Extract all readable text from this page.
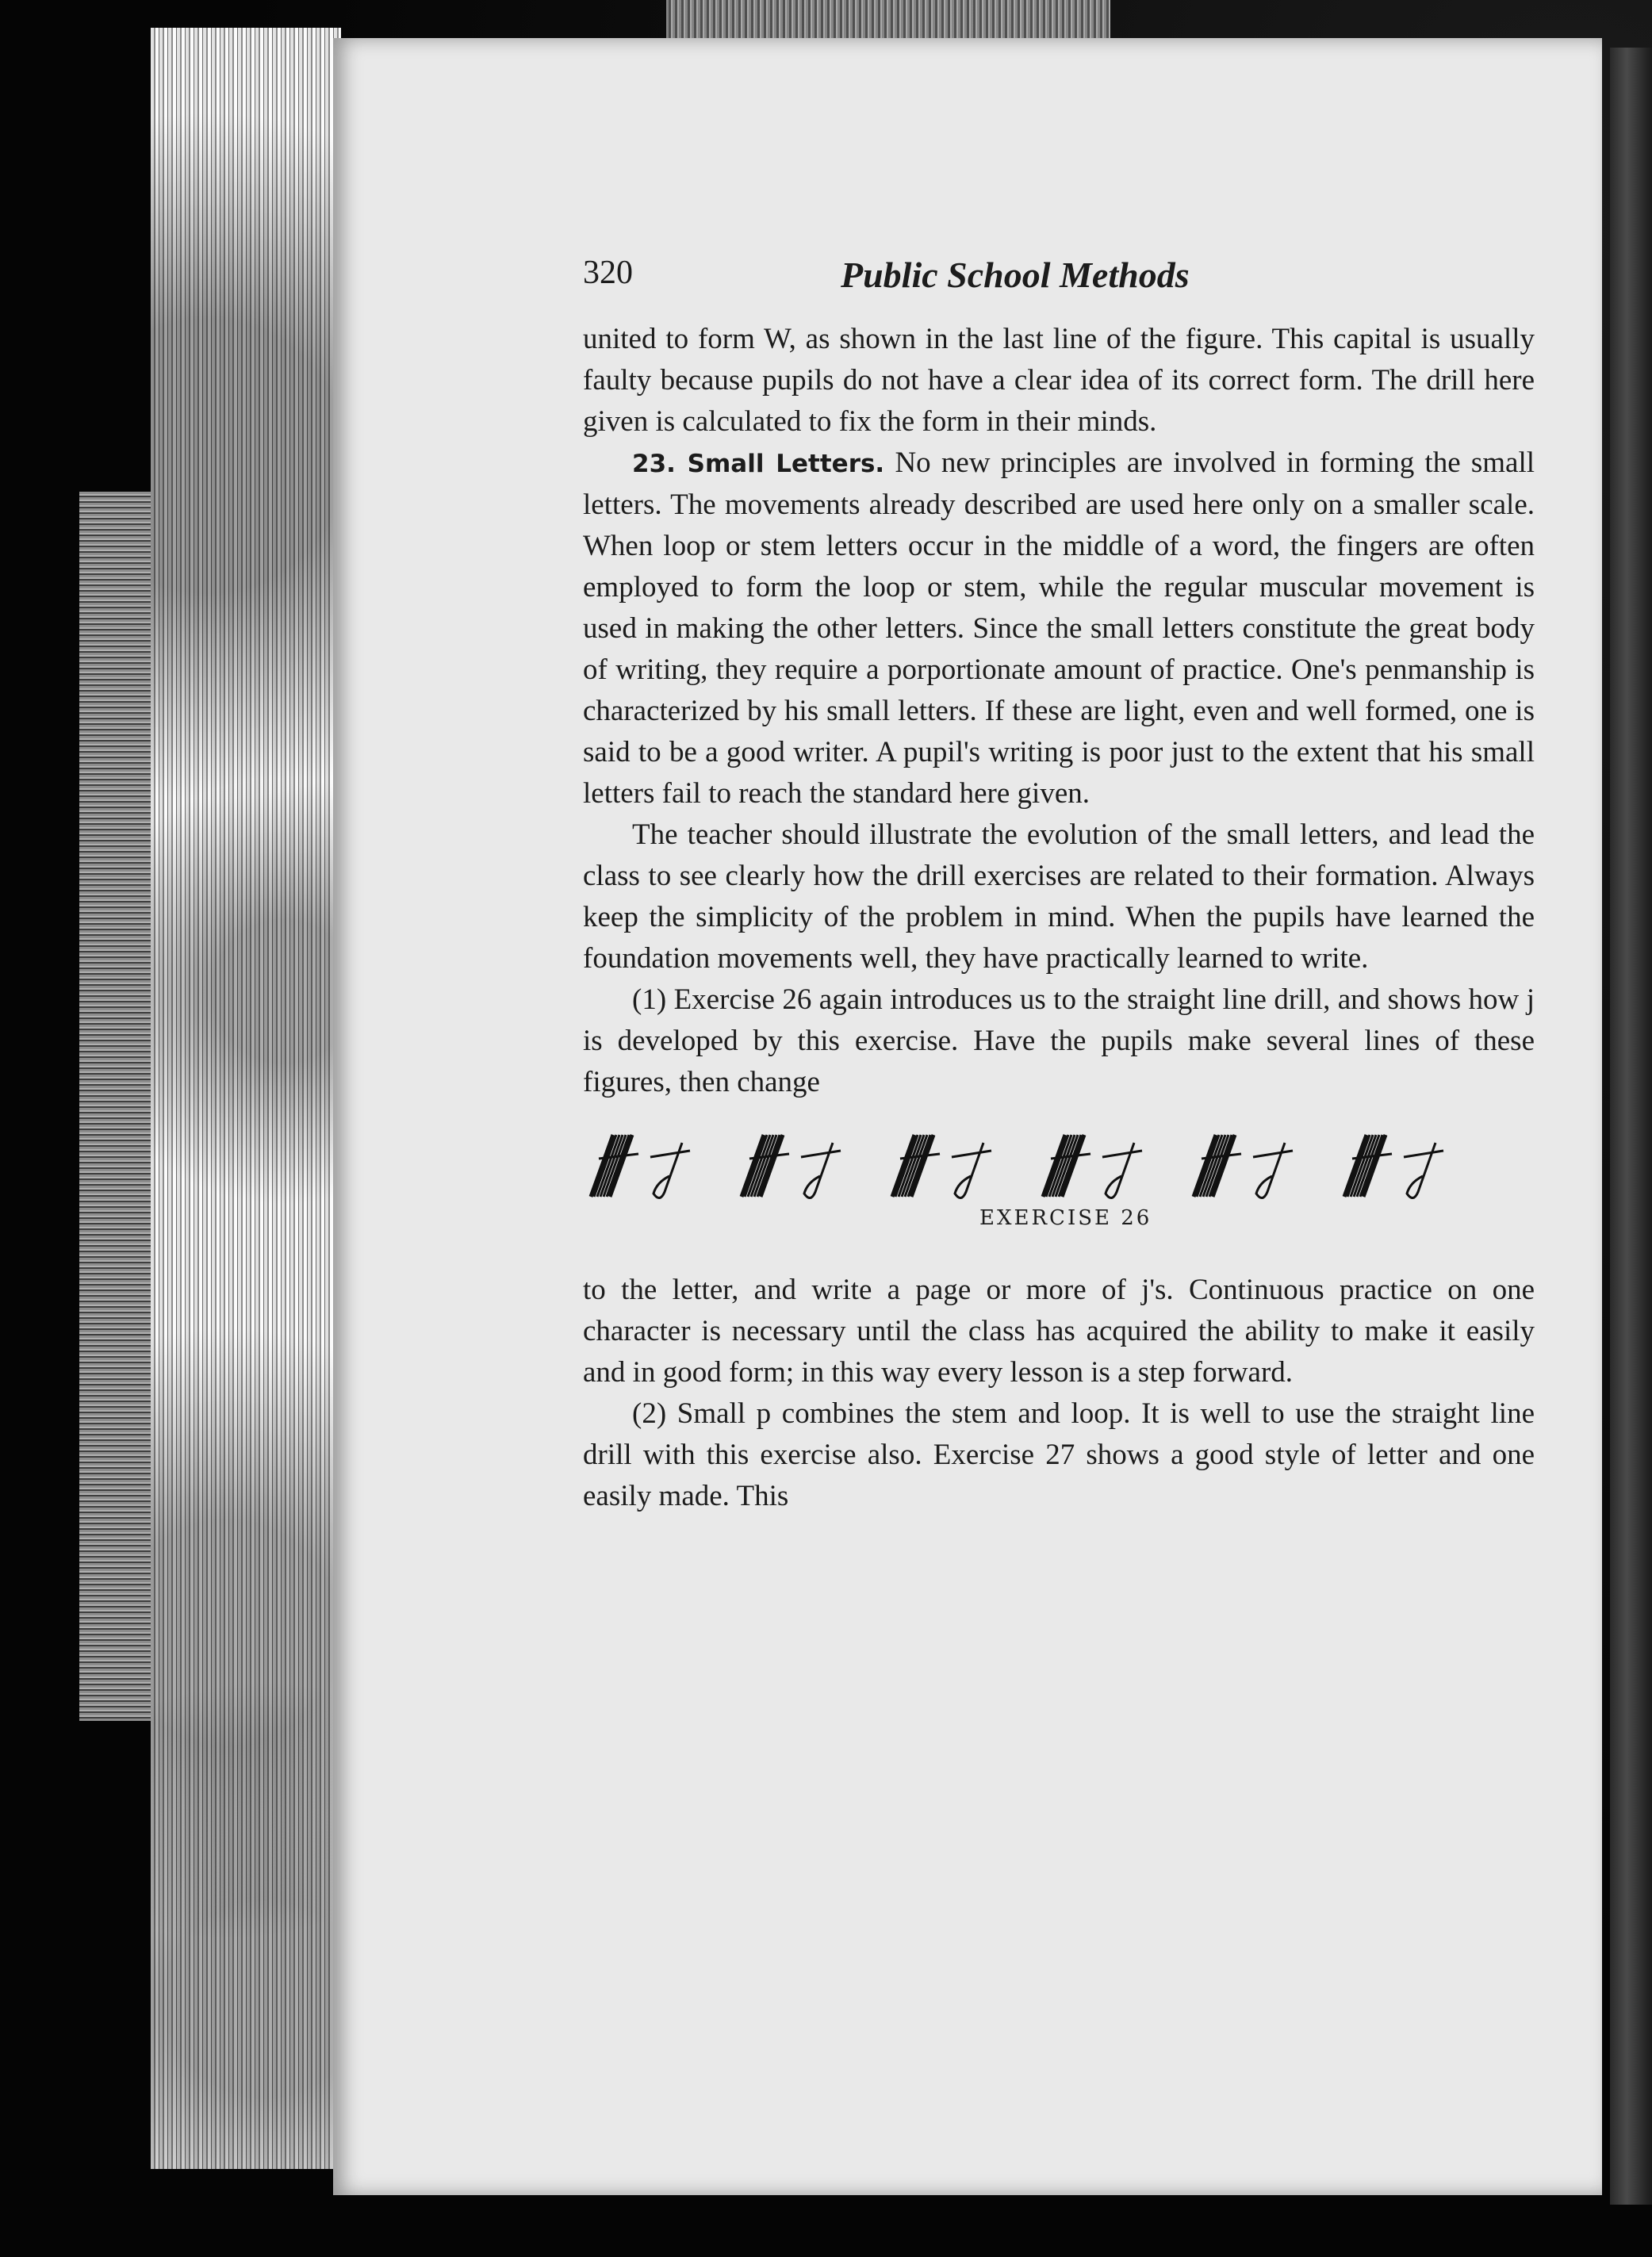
320	Public School Methods

united to form W, as shown in the last line of the figure. This capital is usually faulty because pupils do not have a clear idea of its correct form. The drill here given is calculated to fix the form in their minds.

23. Small Letters. No new principles are involved in forming the small letters. The movements already described are used here only on a smaller scale. When loop or stem letters occur in the middle of a word, the fingers are often employed to form the loop or stem, while the regular muscular movement is used in making the other letters. Since the small letters constitute the great body of writing, they require a porportionate amount of practice. One's penmanship is characterized by his small letters. If these are light, even and well formed, one is said to be a good writer. A pupil's writing is poor just to the extent that his small letters fail to reach the standard here given.

The teacher should illustrate the evolution of the small letters, and lead the class to see clearly how the drill exercises are related to their formation. Always keep the simplicity of the problem in mind. When the pupils have learned the foundation movements well, they have practically learned to write.

(1) Exercise 26 again introduces us to the straight line drill, and shows how j is developed by this exercise. Have the pupils make several lines of these figures, then change

EXERCISE 26

to the letter, and write a page or more of j's. Continuous practice on one character is necessary until the class has acquired the ability to make it easily and in good form; in this way every lesson is a step forward.

(2) Small p combines the stem and loop. It is well to use the straight line drill with this exercise also. Exercise 27 shows a good style of letter and one easily made. This
